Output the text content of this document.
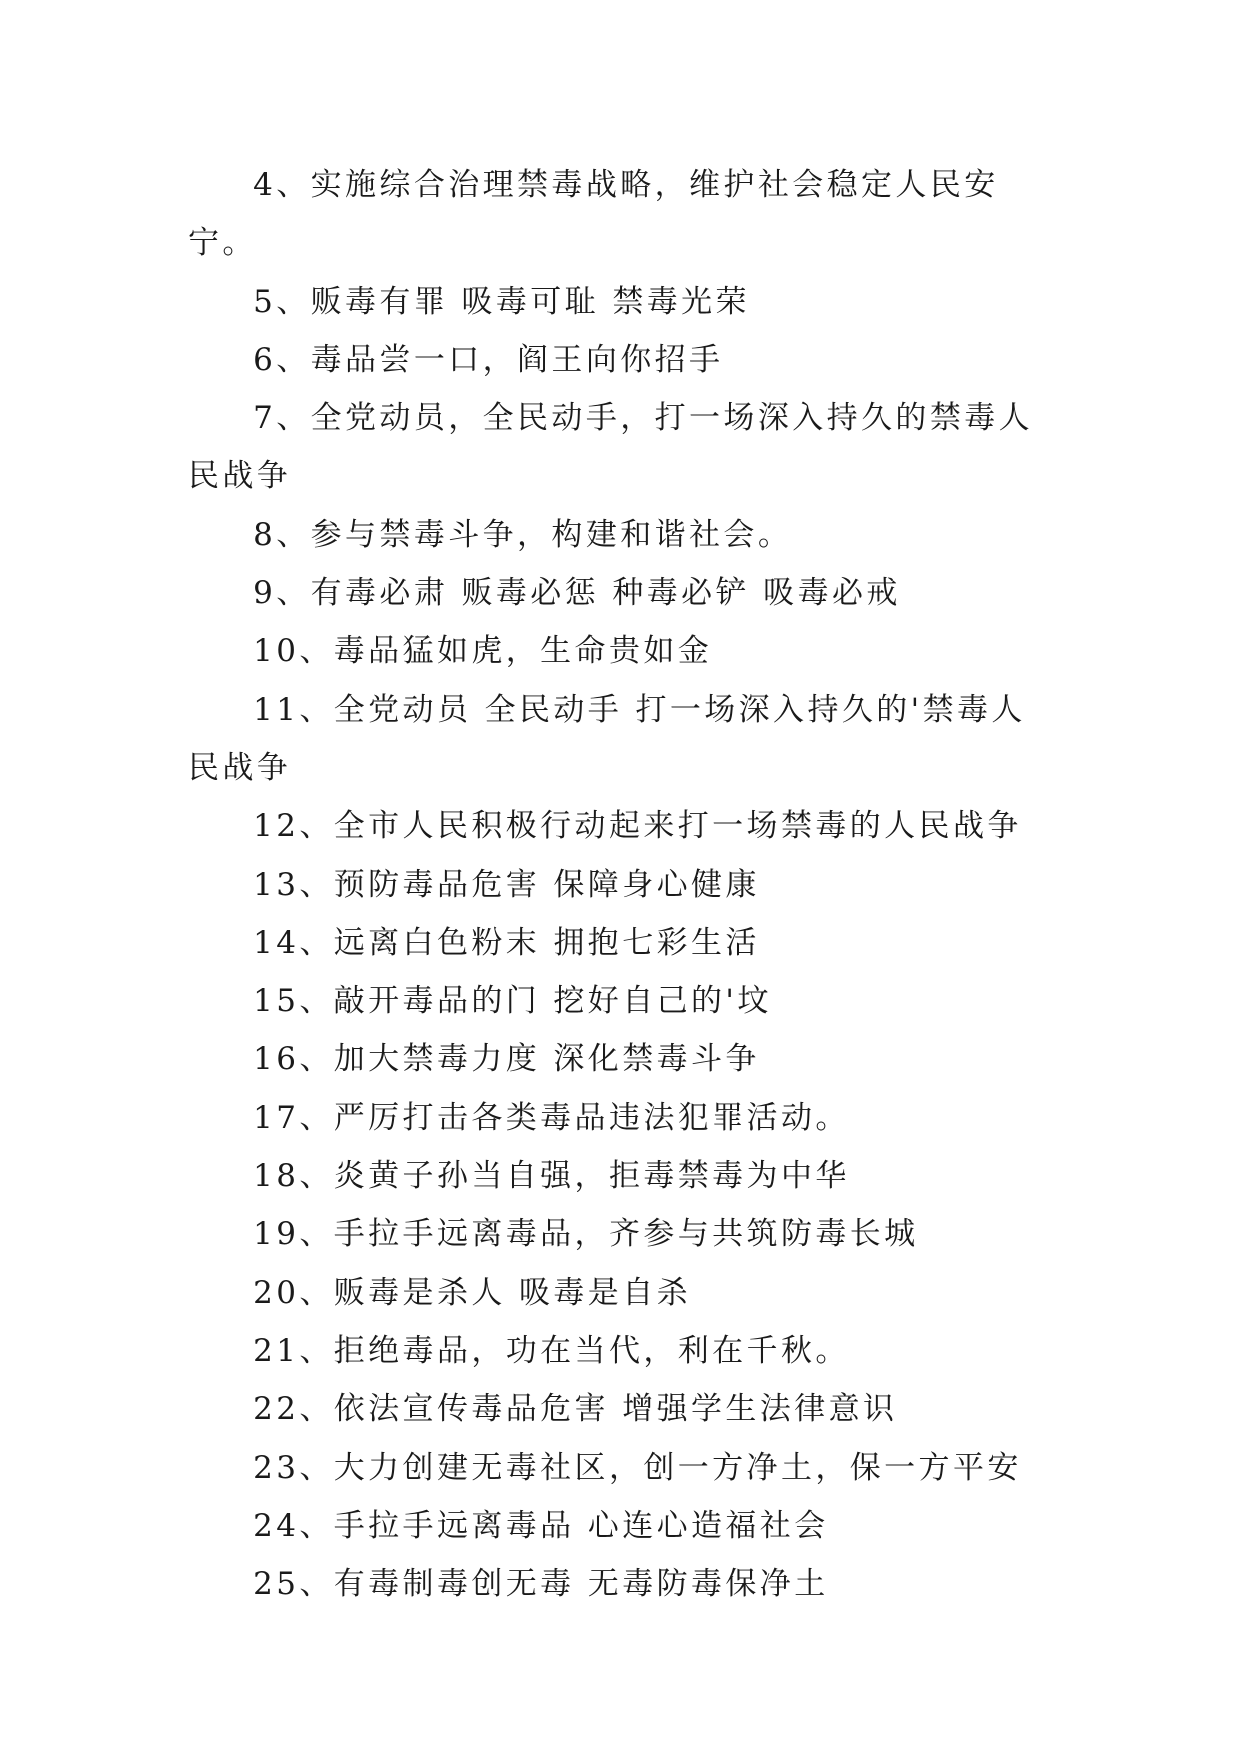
4、实施综合治理禁毒战略，维护社会稳定人民安宁。

5、贩毒有罪 吸毒可耻 禁毒光荣

6、毒品尝一口，阎王向你招手

7、全党动员，全民动手，打一场深入持久的禁毒人民战争

8、参与禁毒斗争，构建和谐社会。

9、有毒必肃 贩毒必惩 种毒必铲 吸毒必戒

10、毒品猛如虎，生命贵如金

11、全党动员 全民动手 打一场深入持久的'禁毒人民战争

12、全市人民积极行动起来打一场禁毒的人民战争

13、预防毒品危害 保障身心健康

14、远离白色粉末 拥抱七彩生活

15、敲开毒品的门 挖好自己的'坟

16、加大禁毒力度 深化禁毒斗争

17、严厉打击各类毒品违法犯罪活动。

18、炎黄子孙当自强，拒毒禁毒为中华

19、手拉手远离毒品，齐参与共筑防毒长城

20、贩毒是杀人 吸毒是自杀

21、拒绝毒品，功在当代，利在千秋。

22、依法宣传毒品危害 增强学生法律意识

23、大力创建无毒社区，创一方净土，保一方平安

24、手拉手远离毒品 心连心造福社会

25、有毒制毒创无毒 无毒防毒保净土
